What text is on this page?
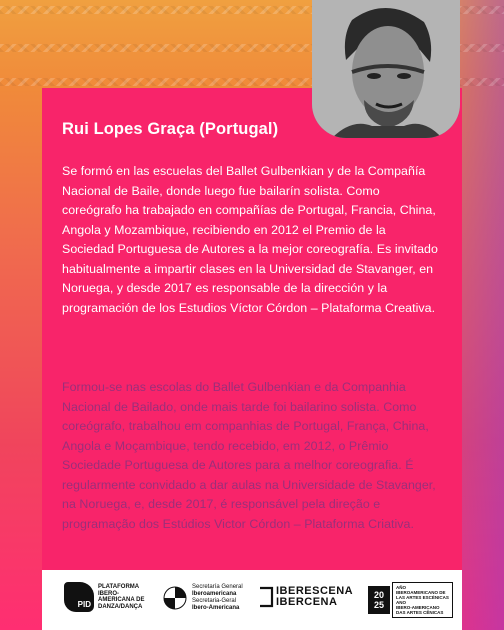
Rui Lopes Graça (Portugal)

Se formó en las escuelas del Ballet Gulbenkian y de la Compañía Nacional de Baile, donde luego fue bailarín solista. Como coreógrafo ha trabajado en compañías de Portugal, Francia, China, Angola y Mozambique, recibiendo en 2012 el Premio de la Sociedad Portuguesa de Autores a la mejor coreografía. Es invitado habitualmente a impartir clases en la Universidad de Stavanger, en Noruega, y desde 2017 es responsable de la dirección y la programación de los Estudios Víctor Córdon – Plataforma Creativa.

Formou-se nas escolas do Ballet Gulbenkian e da Companhia Nacional de Bailado, onde mais tarde foi bailarino solista. Como coreógrafo, trabalhou em companhias de Portugal, França, China, Angola e Moçambique, tendo recebido, em 2012, o Prêmio Sociedade Portuguesa de Autores para a melhor coreografia. É regularmente convidado a dar aulas na Universidade de Stavanger, na Noruega, e, desde 2017, é responsável pela direção e programação dos Estúdios Victor Córdon – Plataforma Criativa.

PID
PLATAFORMA
IBERO-
AMERICANA DE
DANZA/DANÇA
Secretaría General
Iberoamericana
Secretaria-Geral
Ibero-Americana
IBERESCENA
IBERCENA
20
25
AÑO
IBEROAMERICANO DE
LAS ARTES ESCÉNICAS
ANO
IBERO-AMERICANO
DAS ARTES CÊNICAS
